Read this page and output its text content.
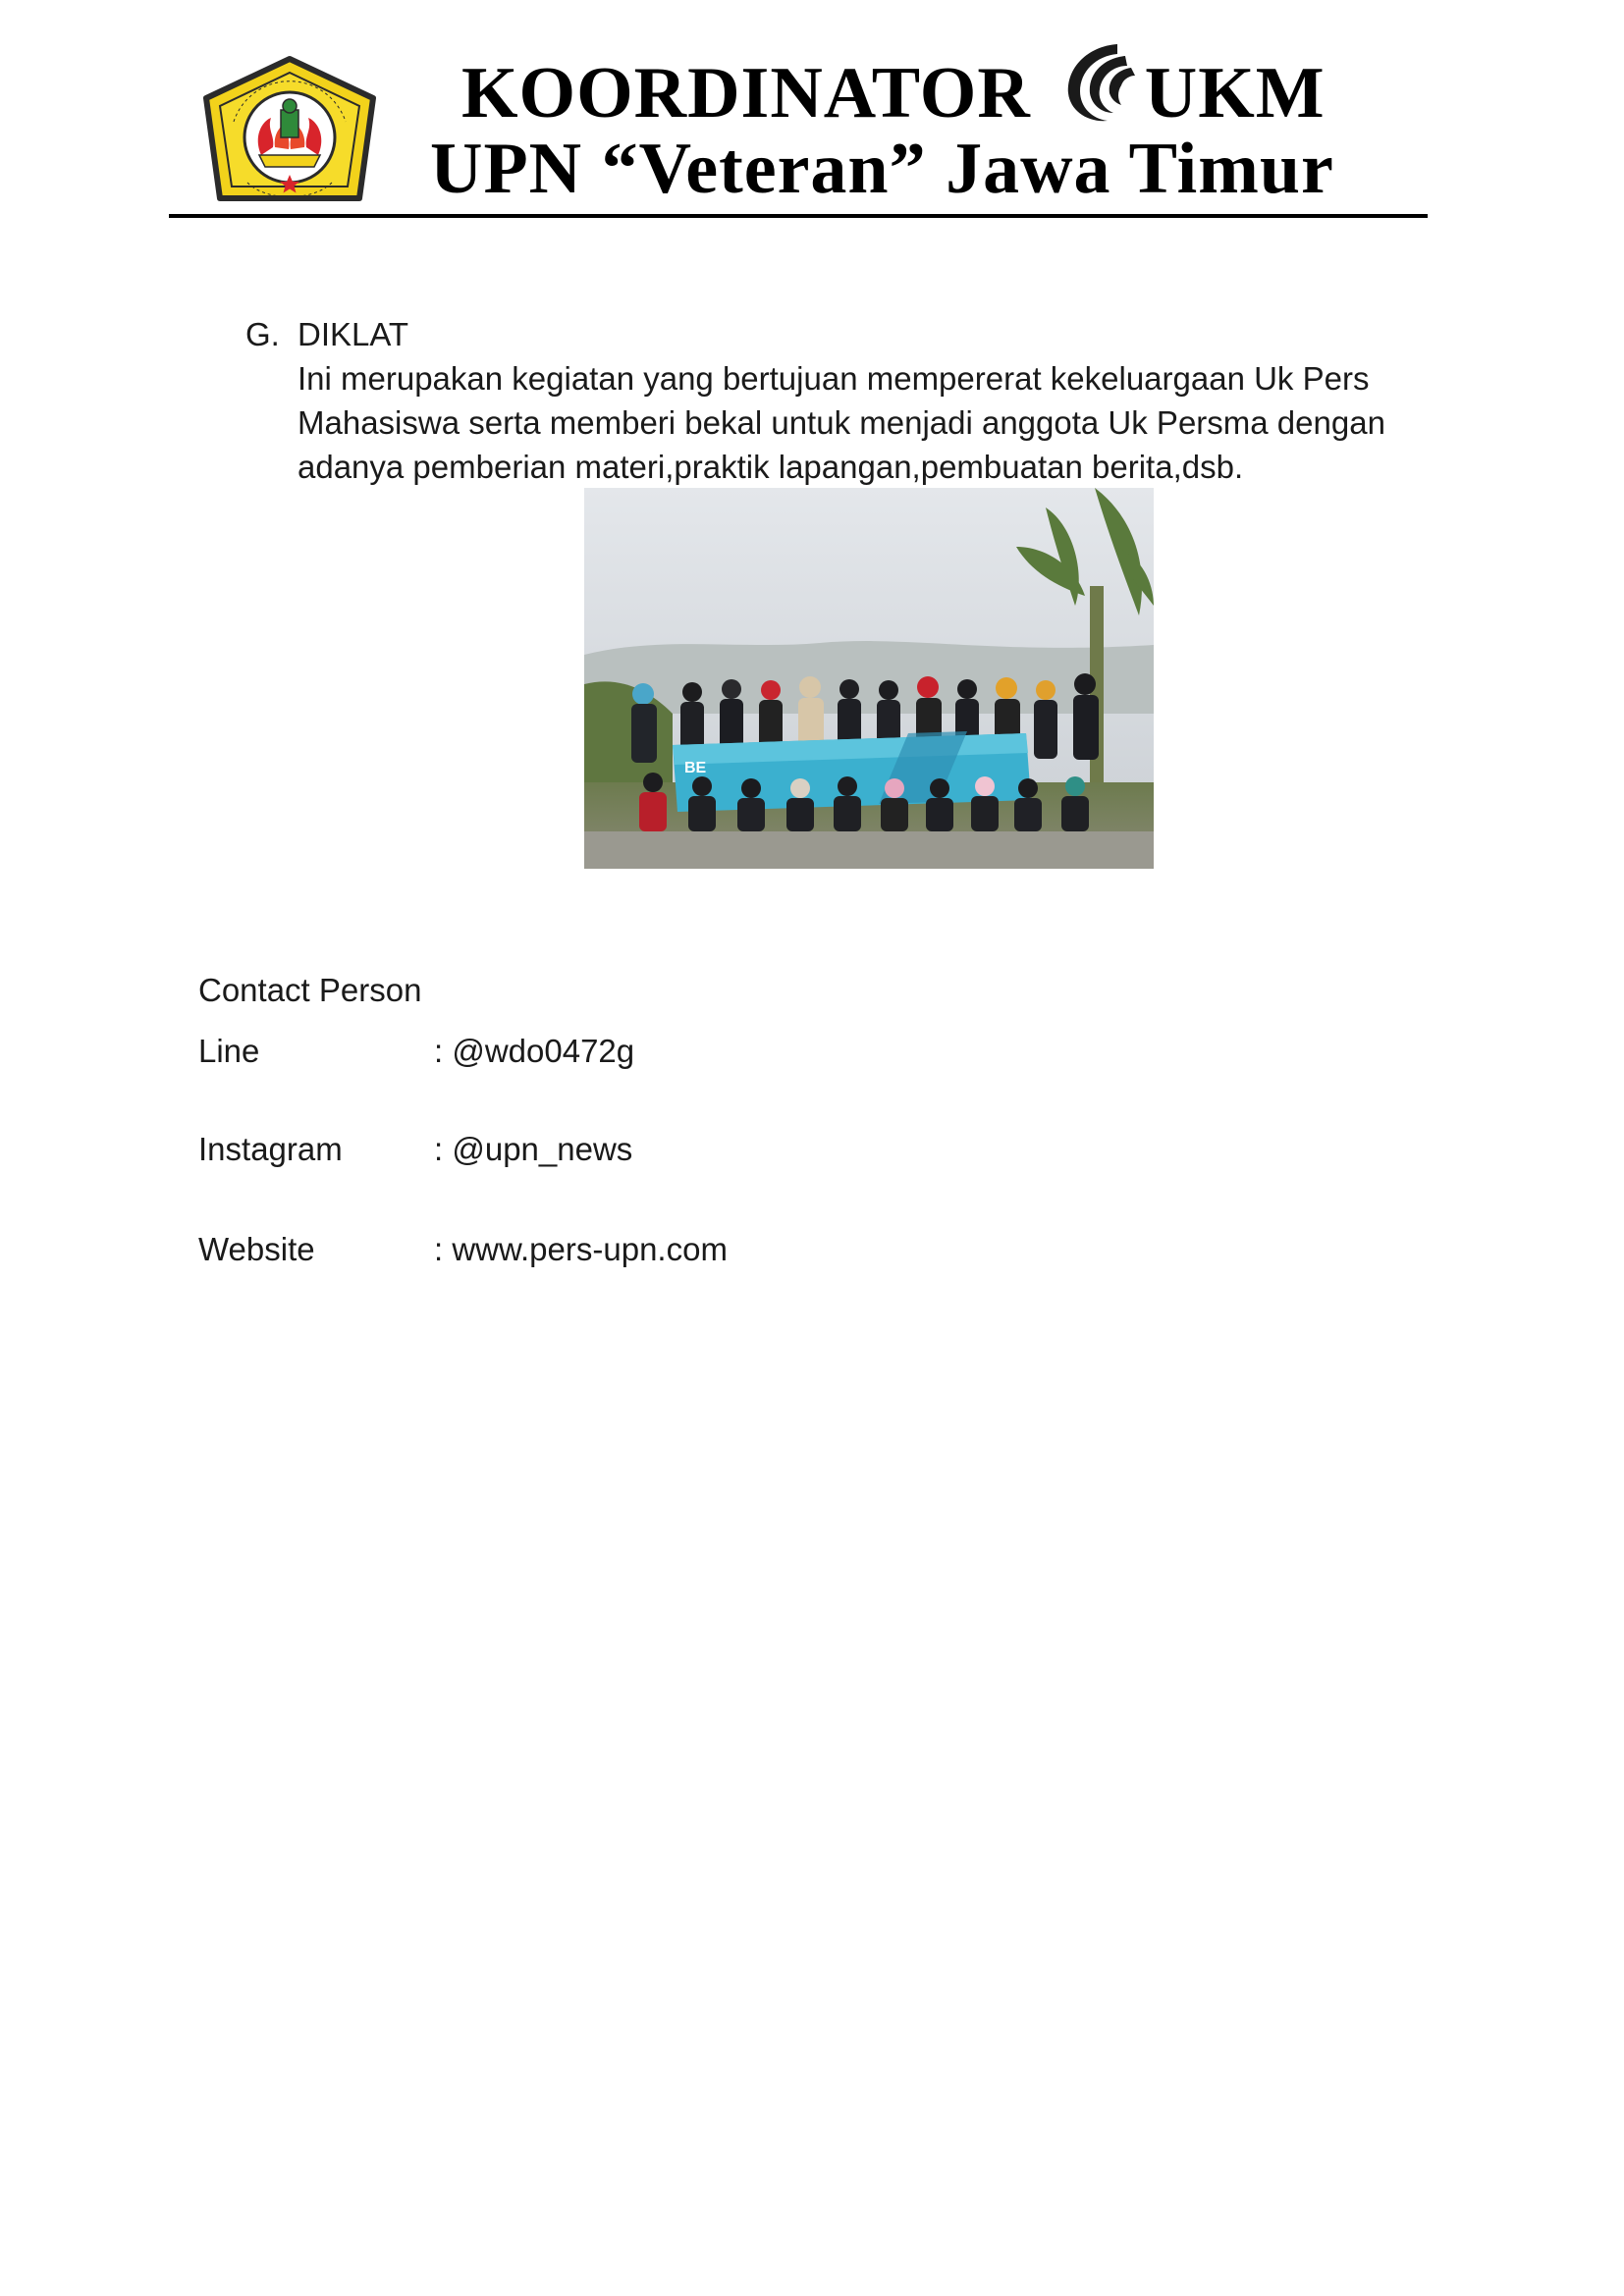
KOORDINATOR UKM
UPN “Veteran” Jawa Timur
G. DIKLAT
Ini merupakan kegiatan yang bertujuan mempererat kekeluargaan Uk Pers
Mahasiswa serta memberi bekal untuk menjadi anggota Uk Persma dengan
adanya pemberian materi,praktik lapangan,pembuatan berita,dsb.
BE
Contact Person
Line	: @wdo0472g
Instagram	: @upn_news
Website	: www.pers-upn.com
